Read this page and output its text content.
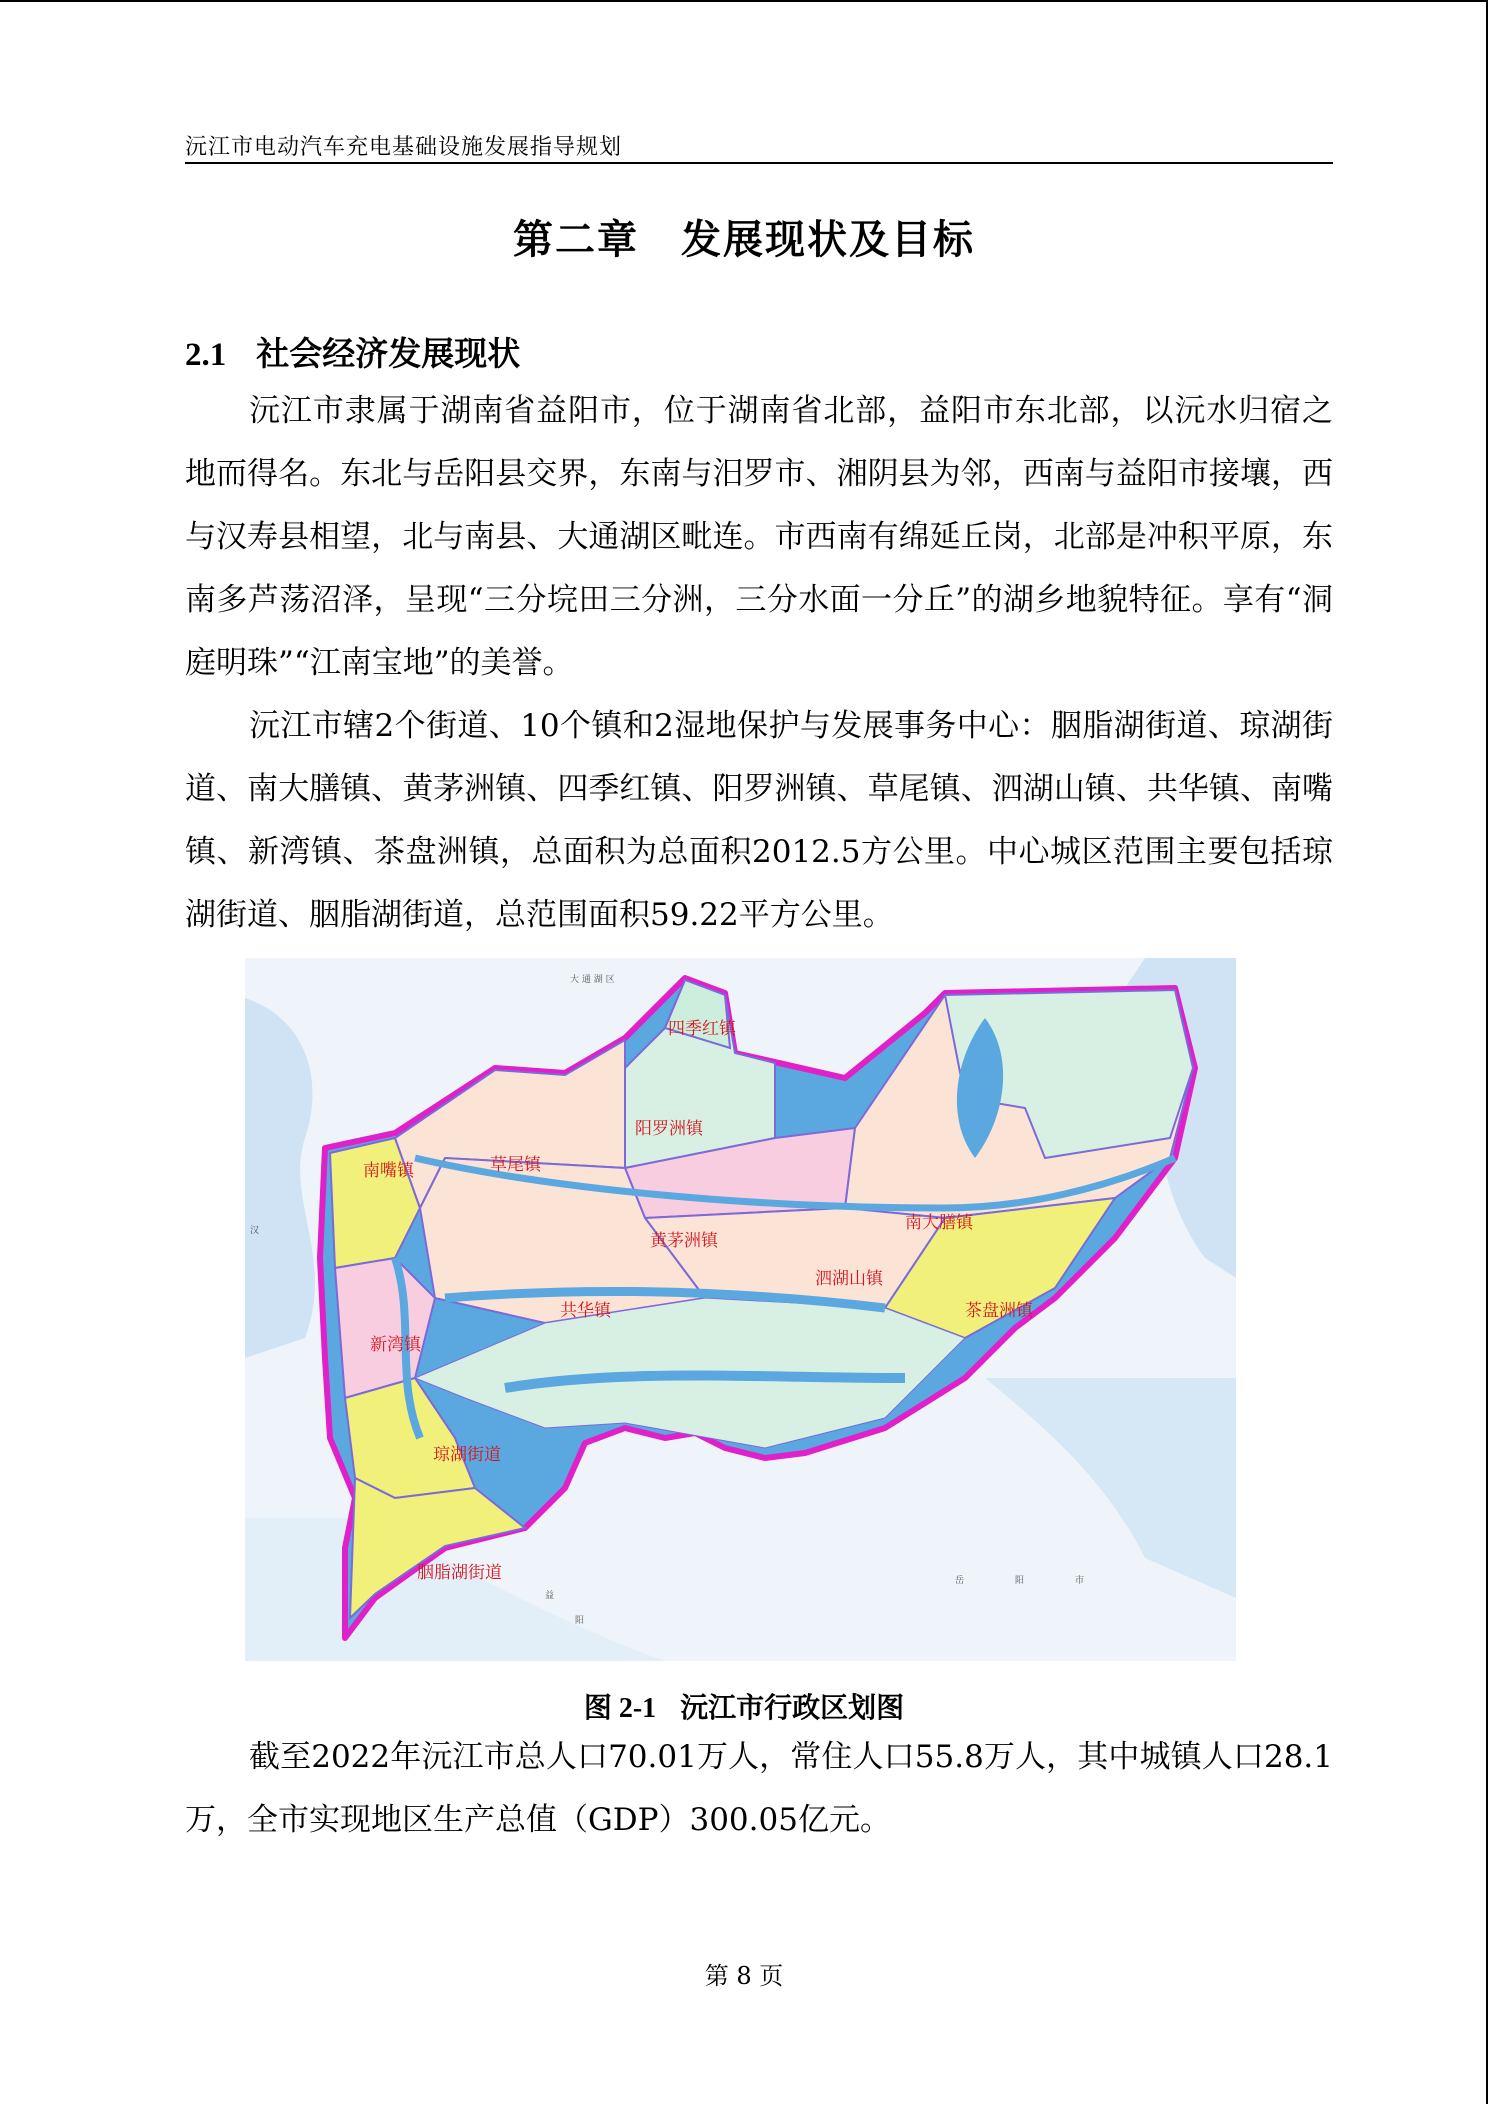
沅江市电动汽车充电基础设施发展指导规划
第二章　发展现状及目标
2.1 社会经济发展现状

沅江市隶属于湖南省益阳市，位于湖南省北部，益阳市东北部，以沅水归宿之地而得名。东北与岳阳县交界，东南与汨罗市、湘阴县为邻，西南与益阳市接壤，西与汉寿县相望，北与南县、大通湖区毗连。市西南有绵延丘岗，北部是冲积平原，东南多芦荡沼泽，呈现“三分垸田三分洲，三分水面一分丘”的湖乡地貌特征。享有“洞庭明珠”“江南宝地”的美誉。

沅江市辖2个街道、10个镇和2湿地保护与发展事务中心：胭脂湖街道、琼湖街道、南大膳镇、黄茅洲镇、四季红镇、阳罗洲镇、草尾镇、泗湖山镇、共华镇、南嘴镇、新湾镇、茶盘洲镇，总面积为总面积2012.5方公里。中心城区范围主要包括琼湖街道、胭脂湖街道，总范围面积59.22平方公里。

大 通 湖 区
四季红镇
阳罗洲镇
南嘴镇	草尾镇
黄茅洲镇
南大膳镇
泗湖山镇
共华镇	茶盘洲镇
新湾镇
琼湖街道
胭脂湖街道
汉
岳	阳	市
益
阳
图 2-1 沅江市行政区划图

截至2022年沅江市总人口70.01万人，常住人口55.8万人，其中城镇人口28.1万，全市实现地区生产总值（GDP）300.05亿元。

第 8 页
